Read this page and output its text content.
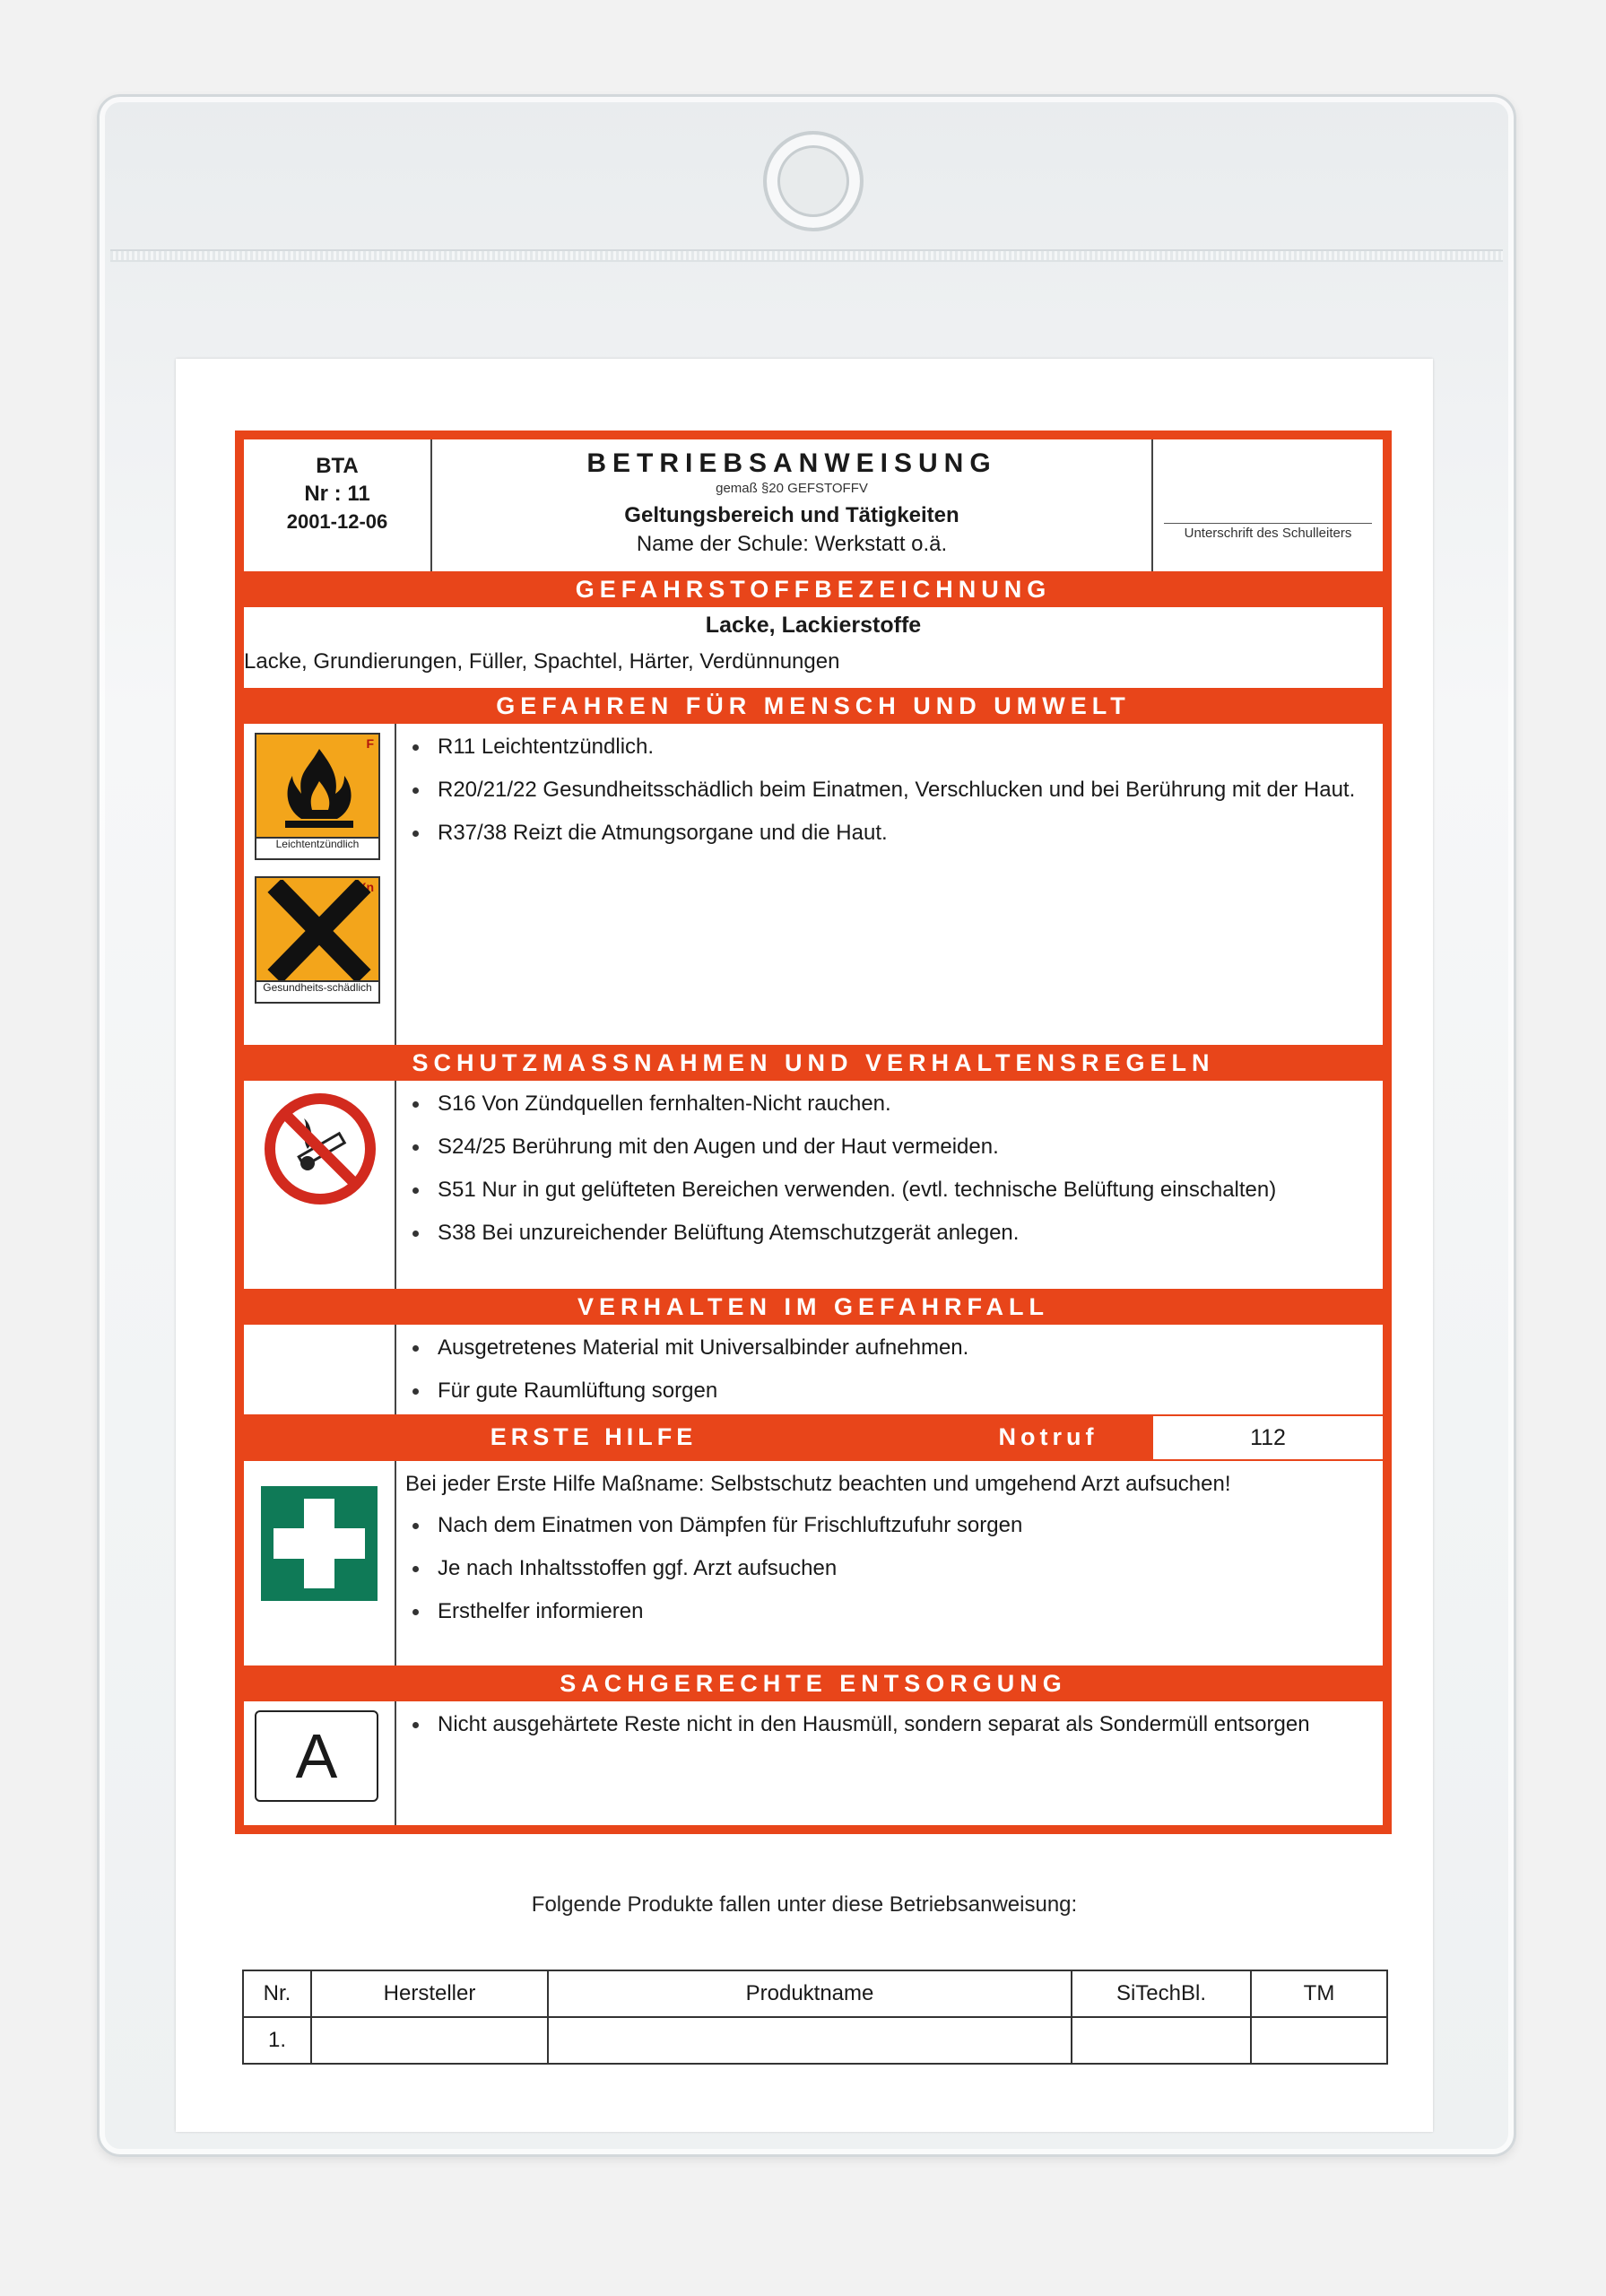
BTA
Nr : 11
2001-12-06
BETRIEBSANWEISUNG
gemaß §20 GEFSTOFFV
Geltungsbereich und Tätigkeiten
Name der Schule: Werkstatt o.ä.	Unterschrift des Schulleiters
GEFAHRSTOFFBEZEICHNUNG
Lacke, Lackierstoffe
Lacke, Grundierungen, Füller, Spachtel, Härter, Verdünnungen
GEFAHREN FÜR MENSCH UND UMWELT
F
Leichtentzündlich
Xn
Gesundheits-schädlich
R11 Leichtentzündlich.
R20/21/22 Gesundheitsschädlich beim Einatmen, Verschlucken und bei Berührung mit der Haut.
R37/38 Reizt die Atmungsorgane und die Haut.
SCHUTZMASSNAHMEN UND VERHALTENSREGELN
S16 Von Zündquellen fernhalten-Nicht rauchen.
S24/25 Berührung mit den Augen und der Haut vermeiden.
S51 Nur in gut gelüfteten Bereichen verwenden. (evtl. technische Belüftung einschalten)
S38 Bei unzureichender Belüftung Atemschutzgerät anlegen.
VERHALTEN IM GEFAHRFALL
Ausgetretenes Material mit Universalbinder aufnehmen.
Für gute Raumlüftung sorgen
ERSTE HILFE	Notruf	112
Bei jeder Erste Hilfe Maßname: Selbstschutz beachten und umgehend Arzt aufsuchen!
Nach dem Einatmen von Dämpfen für Frischluftzufuhr sorgen
Je nach Inhaltsstoffen ggf. Arzt aufsuchen
Ersthelfer informieren
SACHGERECHTE ENTSORGUNG
A	Nicht ausgehärtete Reste nicht in den Hausmüll, sondern separat als Sondermüll entsorgen
Folgende Produkte fallen unter diese Betriebsanweisung:
Nr.	Hersteller	Produktname	SiTechBl.	TM
1.				
